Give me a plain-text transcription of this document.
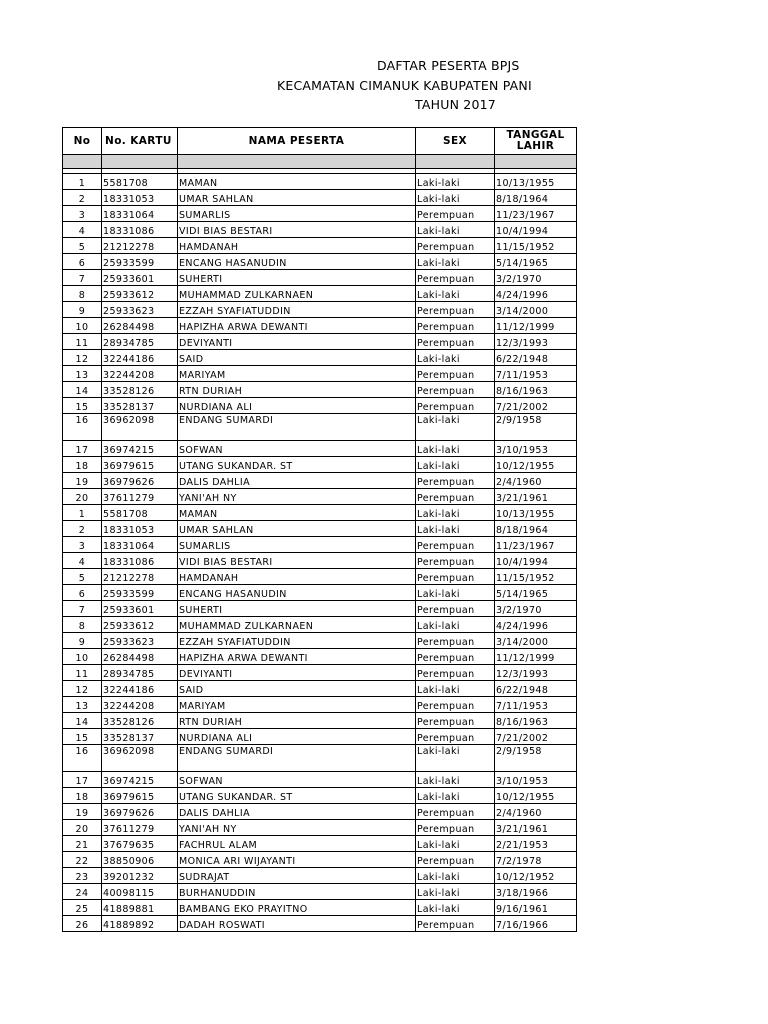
DAFTAR PESERTA BPJS
KECAMATAN CIMANUK KABUPATEN PANI
TAHUN 2017
No	No. KARTU	NAMA PESERTA	SEX	TANGGAL
LAHIR

1	5581708	MAMAN	Laki-laki	10/13/1955
2	18331053	UMAR SAHLAN	Laki-laki	8/18/1964
3	18331064	SUMARLIS	Perempuan	11/23/1967
4	18331086	VIDI BIAS BESTARI	Laki-laki	10/4/1994
5	21212278	HAMDANAH	Perempuan	11/15/1952
6	25933599	ENCANG HASANUDIN	Laki-laki	5/14/1965
7	25933601	SUHERTI	Perempuan	3/2/1970
8	25933612	MUHAMMAD ZULKARNAEN	Laki-laki	4/24/1996
9	25933623	EZZAH SYAFIATUDDIN	Perempuan	3/14/2000
10	26284498	HAPIZHA ARWA DEWANTI	Perempuan	11/12/1999
11	28934785	DEVIYANTI	Perempuan	12/3/1993
12	32244186	SAID	Laki-laki	6/22/1948
13	32244208	MARIYAM	Perempuan	7/11/1953
14	33528126	RTN DURIAH	Perempuan	8/16/1963
15	33528137	NURDIANA ALI	Perempuan	7/21/2002
16	36962098	ENDANG SUMARDI	Laki-laki	2/9/1958
17	36974215	SOFWAN	Laki-laki	3/10/1953
18	36979615	UTANG SUKANDAR. ST	Laki-laki	10/12/1955
19	36979626	DALIS DAHLIA	Perempuan	2/4/1960
20	37611279	YANI'AH NY	Perempuan	3/21/1961
1	5581708	MAMAN	Laki-laki	10/13/1955
2	18331053	UMAR SAHLAN	Laki-laki	8/18/1964
3	18331064	SUMARLIS	Perempuan	11/23/1967
4	18331086	VIDI BIAS BESTARI	Perempuan	10/4/1994
5	21212278	HAMDANAH	Perempuan	11/15/1952
6	25933599	ENCANG HASANUDIN	Laki-laki	5/14/1965
7	25933601	SUHERTI	Perempuan	3/2/1970
8	25933612	MUHAMMAD ZULKARNAEN	Laki-laki	4/24/1996
9	25933623	EZZAH SYAFIATUDDIN	Perempuan	3/14/2000
10	26284498	HAPIZHA ARWA DEWANTI	Perempuan	11/12/1999
11	28934785	DEVIYANTI	Perempuan	12/3/1993
12	32244186	SAID	Laki-laki	6/22/1948
13	32244208	MARIYAM	Perempuan	7/11/1953
14	33528126	RTN DURIAH	Perempuan	8/16/1963
15	33528137	NURDIANA ALI	Perempuan	7/21/2002
16	36962098	ENDANG SUMARDI	Laki-laki	2/9/1958
17	36974215	SOFWAN	Laki-laki	3/10/1953
18	36979615	UTANG SUKANDAR. ST	Laki-laki	10/12/1955
19	36979626	DALIS DAHLIA	Perempuan	2/4/1960
20	37611279	YANI'AH NY	Perempuan	3/21/1961
21	37679635	FACHRUL ALAM	Laki-laki	2/21/1953
22	38850906	MONICA ARI WIJAYANTI	Perempuan	7/2/1978
23	39201232	SUDRAJAT	Laki-laki	10/12/1952
24	40098115	BURHANUDDIN	Laki-laki	3/18/1966
25	41889881	BAMBANG EKO PRAYITNO	Laki-laki	9/16/1961
26	41889892	DADAH ROSWATI	Perempuan	7/16/1966
